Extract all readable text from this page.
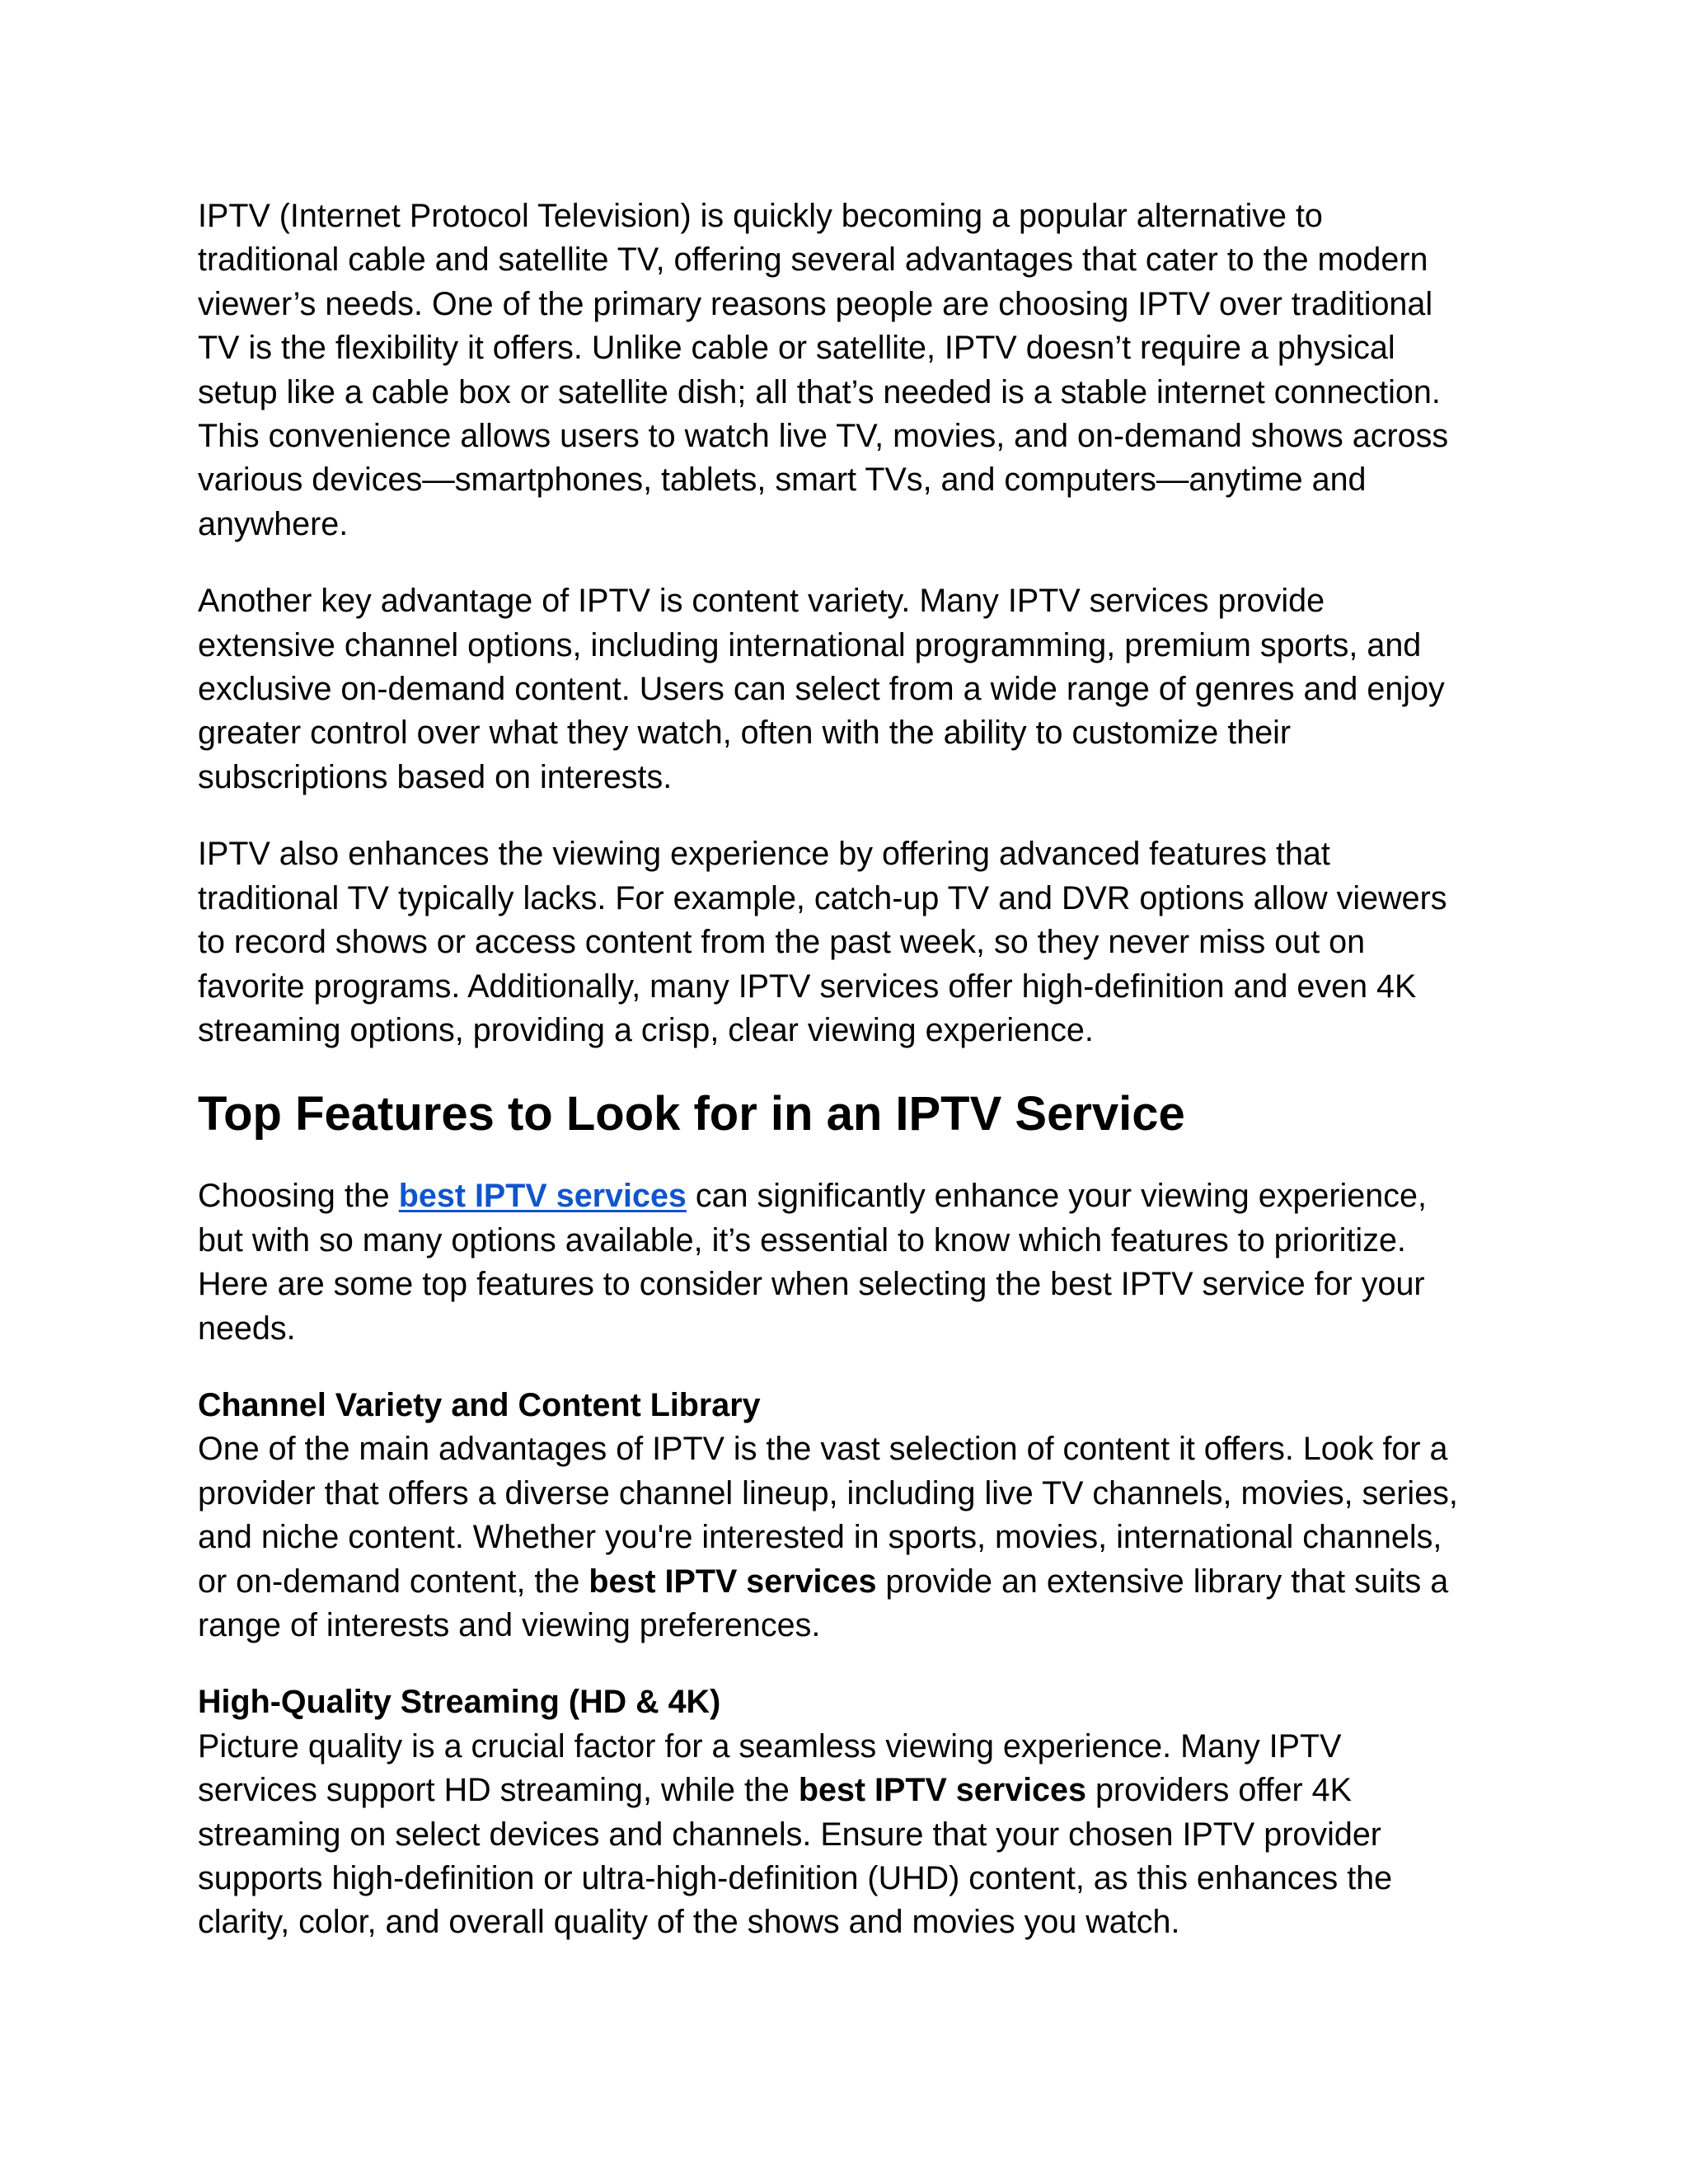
IPTV (Internet Protocol Television) is quickly becoming a popular alternative to
traditional cable and satellite TV, offering several advantages that cater to the modern
viewer’s needs. One of the primary reasons people are choosing IPTV over traditional
TV is the flexibility it offers. Unlike cable or satellite, IPTV doesn’t require a physical
setup like a cable box or satellite dish; all that’s needed is a stable internet connection.
This convenience allows users to watch live TV, movies, and on-demand shows across
various devices—smartphones, tablets, smart TVs, and computers—anytime and
anywhere.

Another key advantage of IPTV is content variety. Many IPTV services provide
extensive channel options, including international programming, premium sports, and
exclusive on-demand content. Users can select from a wide range of genres and enjoy
greater control over what they watch, often with the ability to customize their
subscriptions based on interests.

IPTV also enhances the viewing experience by offering advanced features that
traditional TV typically lacks. For example, catch-up TV and DVR options allow viewers
to record shows or access content from the past week, so they never miss out on
favorite programs. Additionally, many IPTV services offer high-definition and even 4K
streaming options, providing a crisp, clear viewing experience.

Top Features to Look for in an IPTV Service

Choosing the best IPTV services can significantly enhance your viewing experience,
but with so many options available, it’s essential to know which features to prioritize.
Here are some top features to consider when selecting the best IPTV service for your
needs.

Channel Variety and Content Library
One of the main advantages of IPTV is the vast selection of content it offers. Look for a
provider that offers a diverse channel lineup, including live TV channels, movies, series,
and niche content. Whether you're interested in sports, movies, international channels,
or on-demand content, the best IPTV services provide an extensive library that suits a
range of interests and viewing preferences.

High-Quality Streaming (HD & 4K)
Picture quality is a crucial factor for a seamless viewing experience. Many IPTV
services support HD streaming, while the best IPTV services providers offer 4K
streaming on select devices and channels. Ensure that your chosen IPTV provider
supports high-definition or ultra-high-definition (UHD) content, as this enhances the
clarity, color, and overall quality of the shows and movies you watch.
